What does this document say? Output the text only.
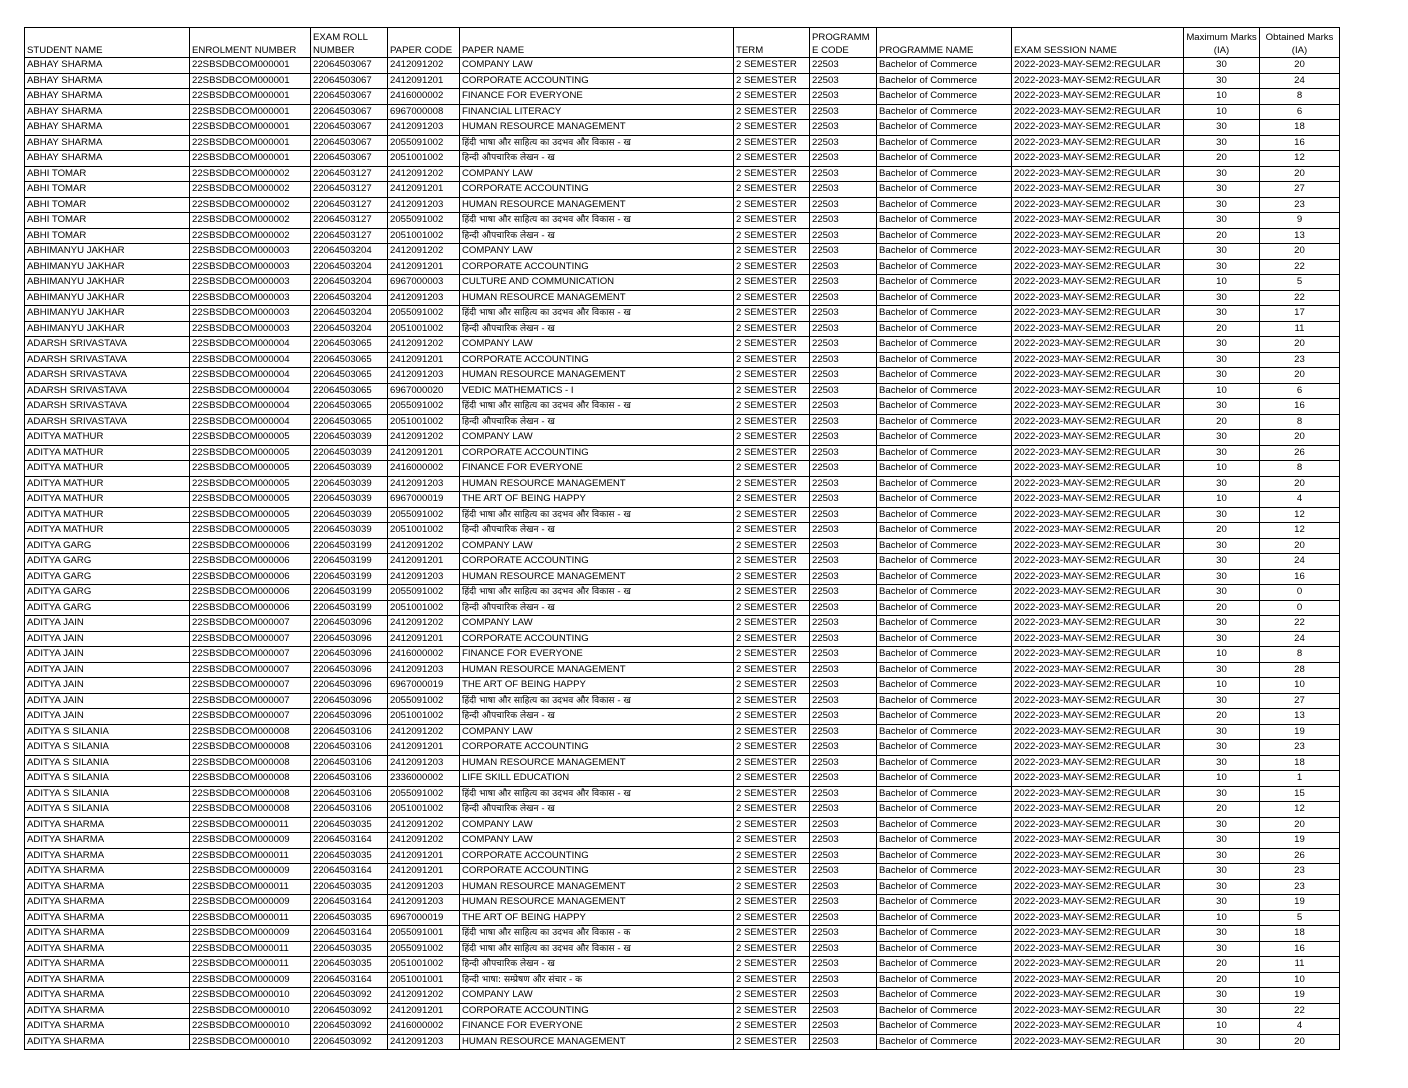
STUDENT NAME	ENROLMENT NUMBER	EXAM ROLL NUMBER	PAPER CODE	PAPER NAME	TERM	PROGRAMM E CODE	PROGRAMME NAME	EXAM SESSION NAME	Maximum Marks (IA)	Obtained Marks (IA)
ABHAY SHARMA	22SBSDBCOM000001	22064503067	2412091202	COMPANY LAW	2 SEMESTER	22503	Bachelor of Commerce	2022-2023-MAY-SEM2:REGULAR	30	20
ABHAY SHARMA	22SBSDBCOM000001	22064503067	2412091201	CORPORATE ACCOUNTING	2 SEMESTER	22503	Bachelor of Commerce	2022-2023-MAY-SEM2:REGULAR	30	24
ABHAY SHARMA	22SBSDBCOM000001	22064503067	2416000002	FINANCE FOR EVERYONE	2 SEMESTER	22503	Bachelor of Commerce	2022-2023-MAY-SEM2:REGULAR	10	8
ABHAY SHARMA	22SBSDBCOM000001	22064503067	6967000008	FINANCIAL LITERACY	2 SEMESTER	22503	Bachelor of Commerce	2022-2023-MAY-SEM2:REGULAR	10	6
ABHAY SHARMA	22SBSDBCOM000001	22064503067	2412091203	HUMAN RESOURCE MANAGEMENT	2 SEMESTER	22503	Bachelor of Commerce	2022-2023-MAY-SEM2:REGULAR	30	18
ABHAY SHARMA	22SBSDBCOM000001	22064503067	2055091002	हिंदी भाषा और साहित्य का उदभव और विकास - ख	2 SEMESTER	22503	Bachelor of Commerce	2022-2023-MAY-SEM2:REGULAR	30	16
ABHAY SHARMA	22SBSDBCOM000001	22064503067	2051001002	हिन्दी औपचारिक लेखन - ख	2 SEMESTER	22503	Bachelor of Commerce	2022-2023-MAY-SEM2:REGULAR	20	12
ABHI TOMAR	22SBSDBCOM000002	22064503127	2412091202	COMPANY LAW	2 SEMESTER	22503	Bachelor of Commerce	2022-2023-MAY-SEM2:REGULAR	30	20
ABHI TOMAR	22SBSDBCOM000002	22064503127	2412091201	CORPORATE ACCOUNTING	2 SEMESTER	22503	Bachelor of Commerce	2022-2023-MAY-SEM2:REGULAR	30	27
ABHI TOMAR	22SBSDBCOM000002	22064503127	2412091203	HUMAN RESOURCE MANAGEMENT	2 SEMESTER	22503	Bachelor of Commerce	2022-2023-MAY-SEM2:REGULAR	30	23
ABHI TOMAR	22SBSDBCOM000002	22064503127	2055091002	हिंदी भाषा और साहित्य का उदभव और विकास - ख	2 SEMESTER	22503	Bachelor of Commerce	2022-2023-MAY-SEM2:REGULAR	30	9
ABHI TOMAR	22SBSDBCOM000002	22064503127	2051001002	हिन्दी औपचारिक लेखन - ख	2 SEMESTER	22503	Bachelor of Commerce	2022-2023-MAY-SEM2:REGULAR	20	13
ABHIMANYU JAKHAR	22SBSDBCOM000003	22064503204	2412091202	COMPANY LAW	2 SEMESTER	22503	Bachelor of Commerce	2022-2023-MAY-SEM2:REGULAR	30	20
ABHIMANYU JAKHAR	22SBSDBCOM000003	22064503204	2412091201	CORPORATE ACCOUNTING	2 SEMESTER	22503	Bachelor of Commerce	2022-2023-MAY-SEM2:REGULAR	30	22
ABHIMANYU JAKHAR	22SBSDBCOM000003	22064503204	6967000003	CULTURE AND COMMUNICATION	2 SEMESTER	22503	Bachelor of Commerce	2022-2023-MAY-SEM2:REGULAR	10	5
ABHIMANYU JAKHAR	22SBSDBCOM000003	22064503204	2412091203	HUMAN RESOURCE MANAGEMENT	2 SEMESTER	22503	Bachelor of Commerce	2022-2023-MAY-SEM2:REGULAR	30	22
ABHIMANYU JAKHAR	22SBSDBCOM000003	22064503204	2055091002	हिंदी भाषा और साहित्य का उदभव और विकास - ख	2 SEMESTER	22503	Bachelor of Commerce	2022-2023-MAY-SEM2:REGULAR	30	17
ABHIMANYU JAKHAR	22SBSDBCOM000003	22064503204	2051001002	हिन्दी औपचारिक लेखन - ख	2 SEMESTER	22503	Bachelor of Commerce	2022-2023-MAY-SEM2:REGULAR	20	11
ADARSH SRIVASTAVA	22SBSDBCOM000004	22064503065	2412091202	COMPANY LAW	2 SEMESTER	22503	Bachelor of Commerce	2022-2023-MAY-SEM2:REGULAR	30	20
ADARSH SRIVASTAVA	22SBSDBCOM000004	22064503065	2412091201	CORPORATE ACCOUNTING	2 SEMESTER	22503	Bachelor of Commerce	2022-2023-MAY-SEM2:REGULAR	30	23
ADARSH SRIVASTAVA	22SBSDBCOM000004	22064503065	2412091203	HUMAN RESOURCE MANAGEMENT	2 SEMESTER	22503	Bachelor of Commerce	2022-2023-MAY-SEM2:REGULAR	30	20
ADARSH SRIVASTAVA	22SBSDBCOM000004	22064503065	6967000020	VEDIC MATHEMATICS - I	2 SEMESTER	22503	Bachelor of Commerce	2022-2023-MAY-SEM2:REGULAR	10	6
ADARSH SRIVASTAVA	22SBSDBCOM000004	22064503065	2055091002	हिंदी भाषा और साहित्य का उदभव और विकास - ख	2 SEMESTER	22503	Bachelor of Commerce	2022-2023-MAY-SEM2:REGULAR	30	16
ADARSH SRIVASTAVA	22SBSDBCOM000004	22064503065	2051001002	हिन्दी औपचारिक लेखन - ख	2 SEMESTER	22503	Bachelor of Commerce	2022-2023-MAY-SEM2:REGULAR	20	8
ADITYA MATHUR	22SBSDBCOM000005	22064503039	2412091202	COMPANY LAW	2 SEMESTER	22503	Bachelor of Commerce	2022-2023-MAY-SEM2:REGULAR	30	20
ADITYA MATHUR	22SBSDBCOM000005	22064503039	2412091201	CORPORATE ACCOUNTING	2 SEMESTER	22503	Bachelor of Commerce	2022-2023-MAY-SEM2:REGULAR	30	26
ADITYA MATHUR	22SBSDBCOM000005	22064503039	2416000002	FINANCE FOR EVERYONE	2 SEMESTER	22503	Bachelor of Commerce	2022-2023-MAY-SEM2:REGULAR	10	8
ADITYA MATHUR	22SBSDBCOM000005	22064503039	2412091203	HUMAN RESOURCE MANAGEMENT	2 SEMESTER	22503	Bachelor of Commerce	2022-2023-MAY-SEM2:REGULAR	30	20
ADITYA MATHUR	22SBSDBCOM000005	22064503039	6967000019	THE ART OF BEING HAPPY	2 SEMESTER	22503	Bachelor of Commerce	2022-2023-MAY-SEM2:REGULAR	10	4
ADITYA MATHUR	22SBSDBCOM000005	22064503039	2055091002	हिंदी भाषा और साहित्य का उदभव और विकास - ख	2 SEMESTER	22503	Bachelor of Commerce	2022-2023-MAY-SEM2:REGULAR	30	12
ADITYA MATHUR	22SBSDBCOM000005	22064503039	2051001002	हिन्दी औपचारिक लेखन - ख	2 SEMESTER	22503	Bachelor of Commerce	2022-2023-MAY-SEM2:REGULAR	20	12
ADITYA GARG	22SBSDBCOM000006	22064503199	2412091202	COMPANY LAW	2 SEMESTER	22503	Bachelor of Commerce	2022-2023-MAY-SEM2:REGULAR	30	20
ADITYA GARG	22SBSDBCOM000006	22064503199	2412091201	CORPORATE ACCOUNTING	2 SEMESTER	22503	Bachelor of Commerce	2022-2023-MAY-SEM2:REGULAR	30	24
ADITYA GARG	22SBSDBCOM000006	22064503199	2412091203	HUMAN RESOURCE MANAGEMENT	2 SEMESTER	22503	Bachelor of Commerce	2022-2023-MAY-SEM2:REGULAR	30	16
ADITYA GARG	22SBSDBCOM000006	22064503199	2055091002	हिंदी भाषा और साहित्य का उदभव और विकास - ख	2 SEMESTER	22503	Bachelor of Commerce	2022-2023-MAY-SEM2:REGULAR	30	0
ADITYA GARG	22SBSDBCOM000006	22064503199	2051001002	हिन्दी औपचारिक लेखन - ख	2 SEMESTER	22503	Bachelor of Commerce	2022-2023-MAY-SEM2:REGULAR	20	0
ADITYA JAIN	22SBSDBCOM000007	22064503096	2412091202	COMPANY LAW	2 SEMESTER	22503	Bachelor of Commerce	2022-2023-MAY-SEM2:REGULAR	30	22
ADITYA JAIN	22SBSDBCOM000007	22064503096	2412091201	CORPORATE ACCOUNTING	2 SEMESTER	22503	Bachelor of Commerce	2022-2023-MAY-SEM2:REGULAR	30	24
ADITYA JAIN	22SBSDBCOM000007	22064503096	2416000002	FINANCE FOR EVERYONE	2 SEMESTER	22503	Bachelor of Commerce	2022-2023-MAY-SEM2:REGULAR	10	8
ADITYA JAIN	22SBSDBCOM000007	22064503096	2412091203	HUMAN RESOURCE MANAGEMENT	2 SEMESTER	22503	Bachelor of Commerce	2022-2023-MAY-SEM2:REGULAR	30	28
ADITYA JAIN	22SBSDBCOM000007	22064503096	6967000019	THE ART OF BEING HAPPY	2 SEMESTER	22503	Bachelor of Commerce	2022-2023-MAY-SEM2:REGULAR	10	10
ADITYA JAIN	22SBSDBCOM000007	22064503096	2055091002	हिंदी भाषा और साहित्य का उदभव और विकास - ख	2 SEMESTER	22503	Bachelor of Commerce	2022-2023-MAY-SEM2:REGULAR	30	27
ADITYA JAIN	22SBSDBCOM000007	22064503096	2051001002	हिन्दी औपचारिक लेखन - ख	2 SEMESTER	22503	Bachelor of Commerce	2022-2023-MAY-SEM2:REGULAR	20	13
ADITYA S SILANIA	22SBSDBCOM000008	22064503106	2412091202	COMPANY LAW	2 SEMESTER	22503	Bachelor of Commerce	2022-2023-MAY-SEM2:REGULAR	30	19
ADITYA S SILANIA	22SBSDBCOM000008	22064503106	2412091201	CORPORATE ACCOUNTING	2 SEMESTER	22503	Bachelor of Commerce	2022-2023-MAY-SEM2:REGULAR	30	23
ADITYA S SILANIA	22SBSDBCOM000008	22064503106	2412091203	HUMAN RESOURCE MANAGEMENT	2 SEMESTER	22503	Bachelor of Commerce	2022-2023-MAY-SEM2:REGULAR	30	18
ADITYA S SILANIA	22SBSDBCOM000008	22064503106	2336000002	LIFE SKILL EDUCATION	2 SEMESTER	22503	Bachelor of Commerce	2022-2023-MAY-SEM2:REGULAR	10	1
ADITYA S SILANIA	22SBSDBCOM000008	22064503106	2055091002	हिंदी भाषा और साहित्य का उदभव और विकास - ख	2 SEMESTER	22503	Bachelor of Commerce	2022-2023-MAY-SEM2:REGULAR	30	15
ADITYA S SILANIA	22SBSDBCOM000008	22064503106	2051001002	हिन्दी औपचारिक लेखन - ख	2 SEMESTER	22503	Bachelor of Commerce	2022-2023-MAY-SEM2:REGULAR	20	12
ADITYA SHARMA	22SBSDBCOM000011	22064503035	2412091202	COMPANY LAW	2 SEMESTER	22503	Bachelor of Commerce	2022-2023-MAY-SEM2:REGULAR	30	20
ADITYA SHARMA	22SBSDBCOM000009	22064503164	2412091202	COMPANY LAW	2 SEMESTER	22503	Bachelor of Commerce	2022-2023-MAY-SEM2:REGULAR	30	19
ADITYA SHARMA	22SBSDBCOM000011	22064503035	2412091201	CORPORATE ACCOUNTING	2 SEMESTER	22503	Bachelor of Commerce	2022-2023-MAY-SEM2:REGULAR	30	26
ADITYA SHARMA	22SBSDBCOM000009	22064503164	2412091201	CORPORATE ACCOUNTING	2 SEMESTER	22503	Bachelor of Commerce	2022-2023-MAY-SEM2:REGULAR	30	23
ADITYA SHARMA	22SBSDBCOM000011	22064503035	2412091203	HUMAN RESOURCE MANAGEMENT	2 SEMESTER	22503	Bachelor of Commerce	2022-2023-MAY-SEM2:REGULAR	30	23
ADITYA SHARMA	22SBSDBCOM000009	22064503164	2412091203	HUMAN RESOURCE MANAGEMENT	2 SEMESTER	22503	Bachelor of Commerce	2022-2023-MAY-SEM2:REGULAR	30	19
ADITYA SHARMA	22SBSDBCOM000011	22064503035	6967000019	THE ART OF BEING HAPPY	2 SEMESTER	22503	Bachelor of Commerce	2022-2023-MAY-SEM2:REGULAR	10	5
ADITYA SHARMA	22SBSDBCOM000009	22064503164	2055091001	हिंदी भाषा और साहित्य का उदभव और विकास - क	2 SEMESTER	22503	Bachelor of Commerce	2022-2023-MAY-SEM2:REGULAR	30	18
ADITYA SHARMA	22SBSDBCOM000011	22064503035	2055091002	हिंदी भाषा और साहित्य का उदभव और विकास - ख	2 SEMESTER	22503	Bachelor of Commerce	2022-2023-MAY-SEM2:REGULAR	30	16
ADITYA SHARMA	22SBSDBCOM000011	22064503035	2051001002	हिन्दी औपचारिक लेखन - ख	2 SEMESTER	22503	Bachelor of Commerce	2022-2023-MAY-SEM2:REGULAR	20	11
ADITYA SHARMA	22SBSDBCOM000009	22064503164	2051001001	हिन्दी भाषा: सम्प्रेषण और संचार - क	2 SEMESTER	22503	Bachelor of Commerce	2022-2023-MAY-SEM2:REGULAR	20	10
ADITYA SHARMA	22SBSDBCOM000010	22064503092	2412091202	COMPANY LAW	2 SEMESTER	22503	Bachelor of Commerce	2022-2023-MAY-SEM2:REGULAR	30	19
ADITYA SHARMA	22SBSDBCOM000010	22064503092	2412091201	CORPORATE ACCOUNTING	2 SEMESTER	22503	Bachelor of Commerce	2022-2023-MAY-SEM2:REGULAR	30	22
ADITYA SHARMA	22SBSDBCOM000010	22064503092	2416000002	FINANCE FOR EVERYONE	2 SEMESTER	22503	Bachelor of Commerce	2022-2023-MAY-SEM2:REGULAR	10	4
ADITYA SHARMA	22SBSDBCOM000010	22064503092	2412091203	HUMAN RESOURCE MANAGEMENT	2 SEMESTER	22503	Bachelor of Commerce	2022-2023-MAY-SEM2:REGULAR	30	20
